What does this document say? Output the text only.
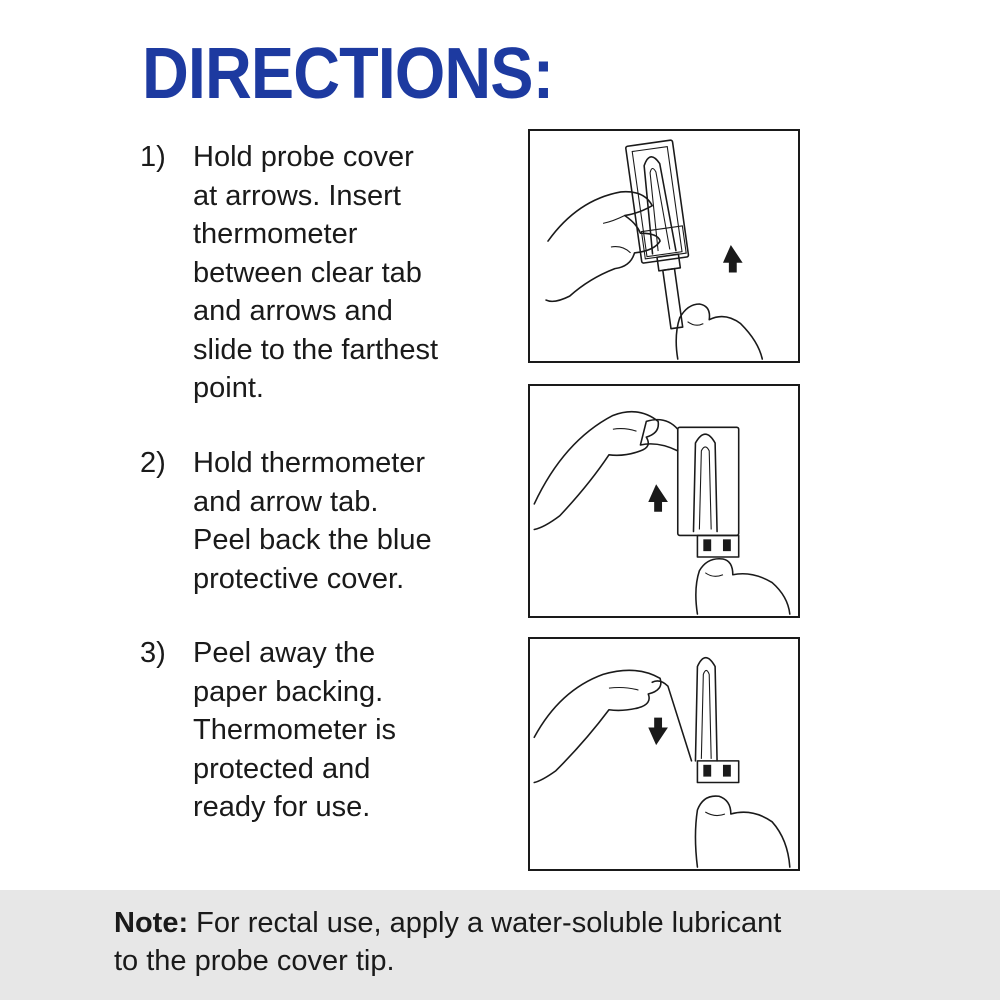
DIRECTIONS:
1) Hold probe cover
at arrows. Insert
thermometer
between clear tab
and arrows and
slide to the farthest
point.
2) Hold thermometer
and arrow tab.
Peel back the blue
protective cover.
3) Peel away the
paper backing.
Thermometer is
protected and
ready for use.

Note: For rectal use, apply a water-soluble lubricant
to the probe cover tip.
